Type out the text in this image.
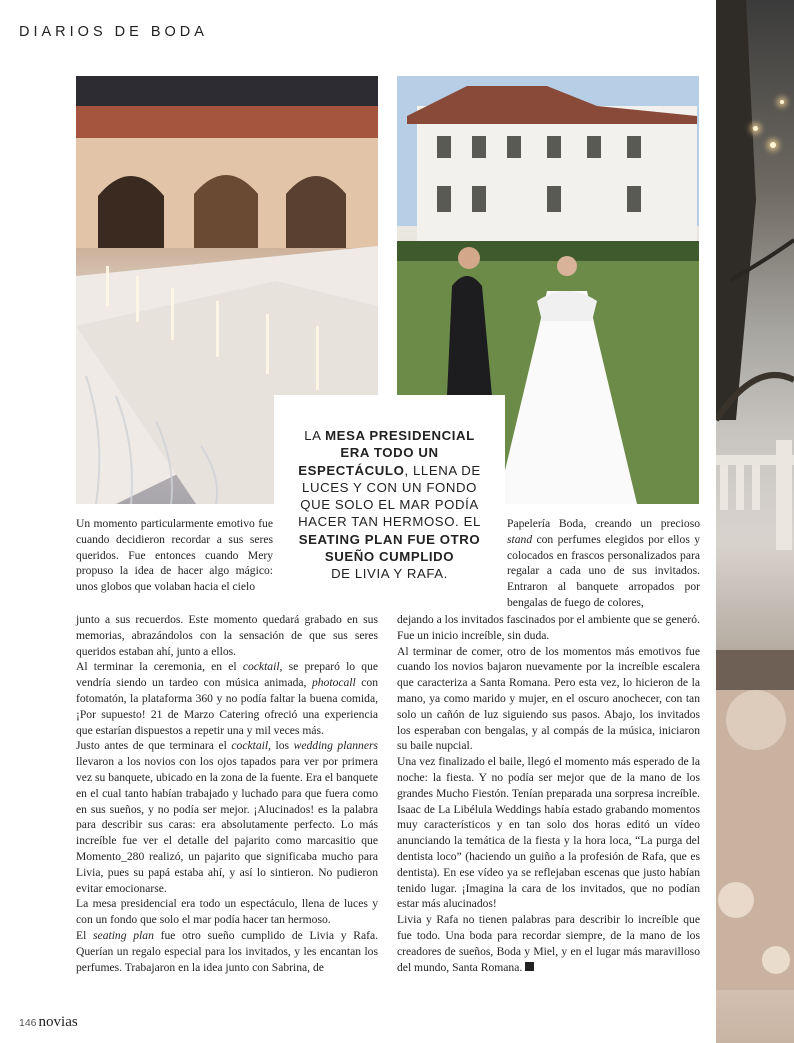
DIARIOS DE BODA
LA MESA PRESIDENCIAL
ERA TODO UN
ESPECTÁCULO, LLENA DE
LUCES Y CON UN FONDO
QUE SOLO EL MAR PODÍA
HACER TAN HERMOSO. EL
SEATING PLAN FUE OTRO
SUEÑO CUMPLIDO
DE LIVIA Y RAFA.

Un momento particularmente emotivo fue cuando decidieron recordar a sus seres queridos. Fue entonces cuando Mery propuso la idea de hacer algo mágico: unos globos que volaban hacia el cielo

junto a sus recuerdos. Este momento quedará grabado en sus memorias, abrazándolos con la sensación de que sus seres queridos estaban ahí, junto a ellos.

Al terminar la ceremonia, en el cocktail, se preparó lo que vendría siendo un tardeo con música animada, photocall con fotomatón, la plataforma 360 y no podía faltar la buena comida, ¡Por supuesto! 21 de Marzo Catering ofreció una experiencia que estarían dispuestos a repetir una y mil veces más.

Justo antes de que terminara el cocktail, los wedding planners llevaron a los novios con los ojos tapados para ver por primera vez su banquete, ubicado en la zona de la fuente. Era el banquete en el cual tanto habían trabajado y luchado para que fuera como en sus sueños, y no podía ser mejor. ¡Alucinados! es la palabra para describir sus caras: era absolutamente perfecto. Lo más increíble fue ver el detalle del pajarito como marcasitio que Momento_280 realizó, un pajarito que significaba mucho para Livia, pues su papá estaba ahí, y así lo sintieron. No pudieron evitar emocionarse.

La mesa presidencial era todo un espectáculo, llena de luces y con un fondo que solo el mar podía hacer tan hermoso.

El seating plan fue otro sueño cumplido de Livia y Rafa. Querían un regalo especial para los invitados, y les encantan los perfumes. Trabajaron en la idea junto con Sabrina, de

Papelería Boda, creando un precioso stand con perfumes elegidos por ellos y colocados en frascos personalizados para regalar a cada uno de sus invitados. Entraron al banquete arropados por bengalas de fuego de colores,

dejando a los invitados fascinados por el ambiente que se generó. Fue un inicio increíble, sin duda.

Al terminar de comer, otro de los momentos más emotivos fue cuando los novios bajaron nuevamente por la increíble escalera que caracteriza a Santa Romana. Pero esta vez, lo hicieron de la mano, ya como marido y mujer, en el oscuro anochecer, con tan solo un cañón de luz siguiendo sus pasos. Abajo, los invitados los esperaban con bengalas, y al compás de la música, iniciaron su baile nupcial.

Una vez finalizado el baile, llegó el momento más esperado de la noche: la fiesta. Y no podía ser mejor que de la mano de los grandes Mucho Fiestón. Tenían preparada una sorpresa increíble. Isaac de La Libélula Weddings había estado grabando momentos muy característicos y en tan solo dos horas editó un vídeo anunciando la temática de la fiesta y la hora loca, “La purga del dentista loco” (haciendo un guiño a la profesión de Rafa, que es dentista). En ese vídeo ya se reflejaban escenas que justo habían tenido lugar. ¡Imagina la cara de los invitados, que no podían estar más alucinados!

Livia y Rafa no tienen palabras para describir lo increíble que fue todo. Una boda para recordar siempre, de la mano de los creadores de sueños, Boda y Miel, y en el lugar más maravilloso del mundo, Santa Romana.

146 novias
